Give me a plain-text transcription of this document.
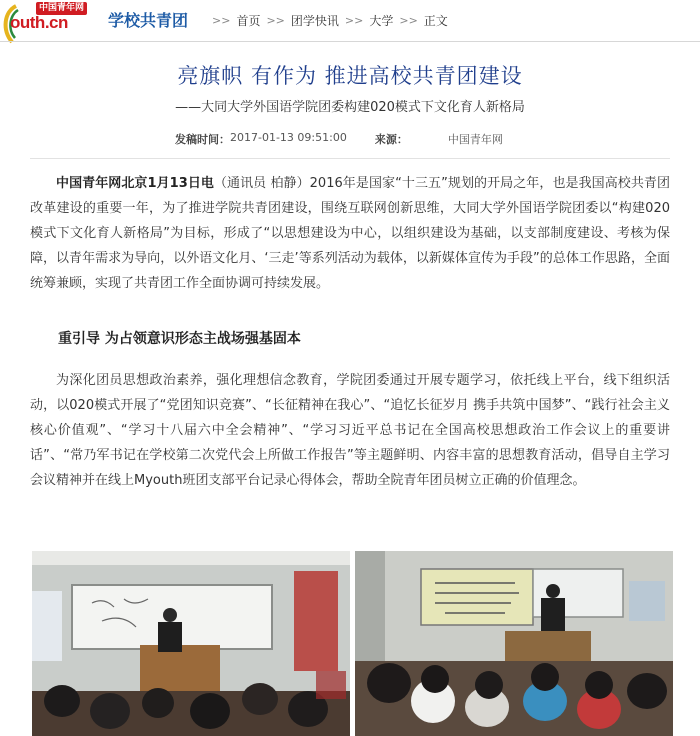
中国青年网
outh.cn	学校共青团 >> 首页 >> 团学快讯 >> 大学 >> 正文
亮旗帜 有作为 推进高校共青团建设
——大同大学外国语学院团委构建020模式下文化育人新格局
发稿时间： 2017-01-13 09:51:00	来源：	中国青年网

中国青年网北京1月13日电（通讯员 柏静）2016年是国家“十三五”规划的开局之年，也是我国高校共青团改革建设的重要一年，为了推进学院共青团建设，围绕互联网创新思维，大同大学外国语学院团委以“构建020模式下文化育人新格局”为目标，形成了“以思想建设为中心，以组织建设为基础，以支部制度建设、考核为保障，以青年需求为导向，以外语文化月、‘三走’等系列活动为载体，以新媒体宣传为手段”的总体工作思路，全面统筹兼顾，实现了共青团工作全面协调可持续发展。

重引导 为占领意识形态主战场强基固本

为深化团员思想政治素养，强化理想信念教育，学院团委通过开展专题学习，依托线上平台，线下组织活动，以020模式开展了“党团知识竞赛”、“长征精神在我心”、“追忆长征岁月 携手共筑中国梦”、“践行社会主义核心价值观”、“学习十八届六中全会精神”、“学习习近平总书记在全国高校思想政治工作会议上的重要讲话”、“常乃军书记在学校第二次党代会上所做工作报告”等主题鲜明、内容丰富的思想教育活动，倡导自主学习会议精神并在线上Myouth班团支部平台记录心得体会，帮助全院青年团员树立正确的价值理念。
